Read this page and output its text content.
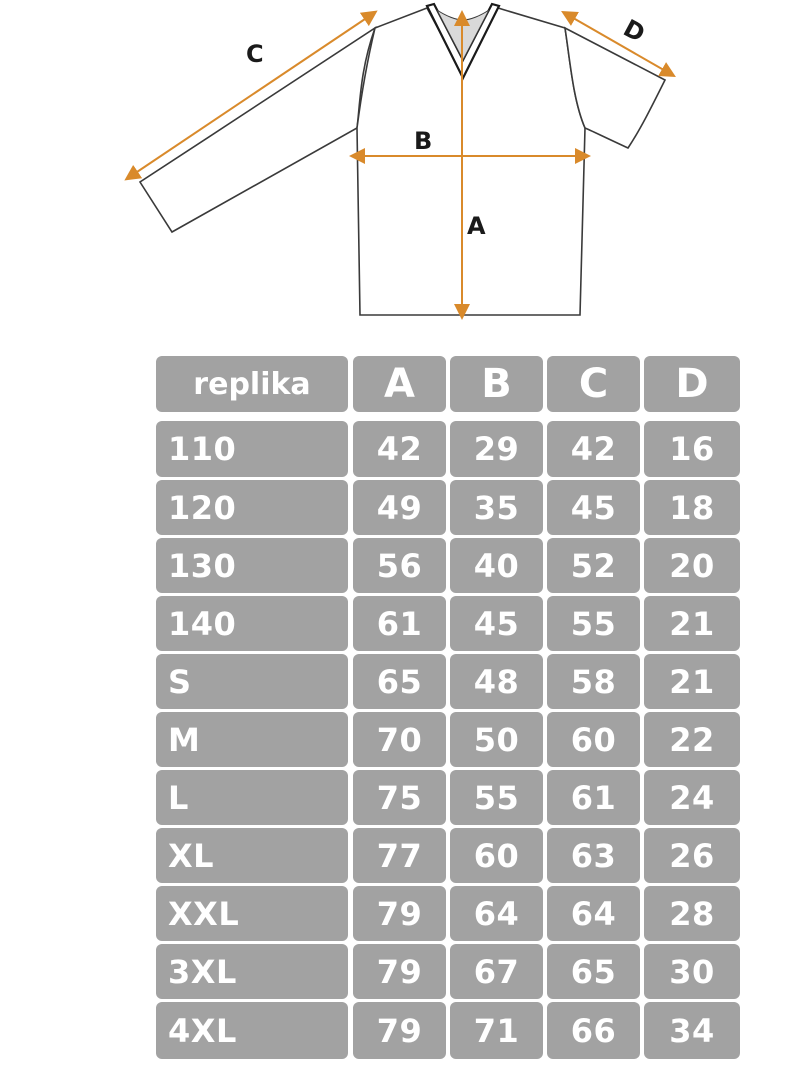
A
B
C
D
replika	A	B	C	D
110	42	29	42	16
120	49	35	45	18
130	56	40	52	20
140	61	45	55	21
S	65	48	58	21
M	70	50	60	22
L	75	55	61	24
XL	77	60	63	26
XXL	79	64	64	28
3XL	79	67	65	30
4XL	79	71	66	34
